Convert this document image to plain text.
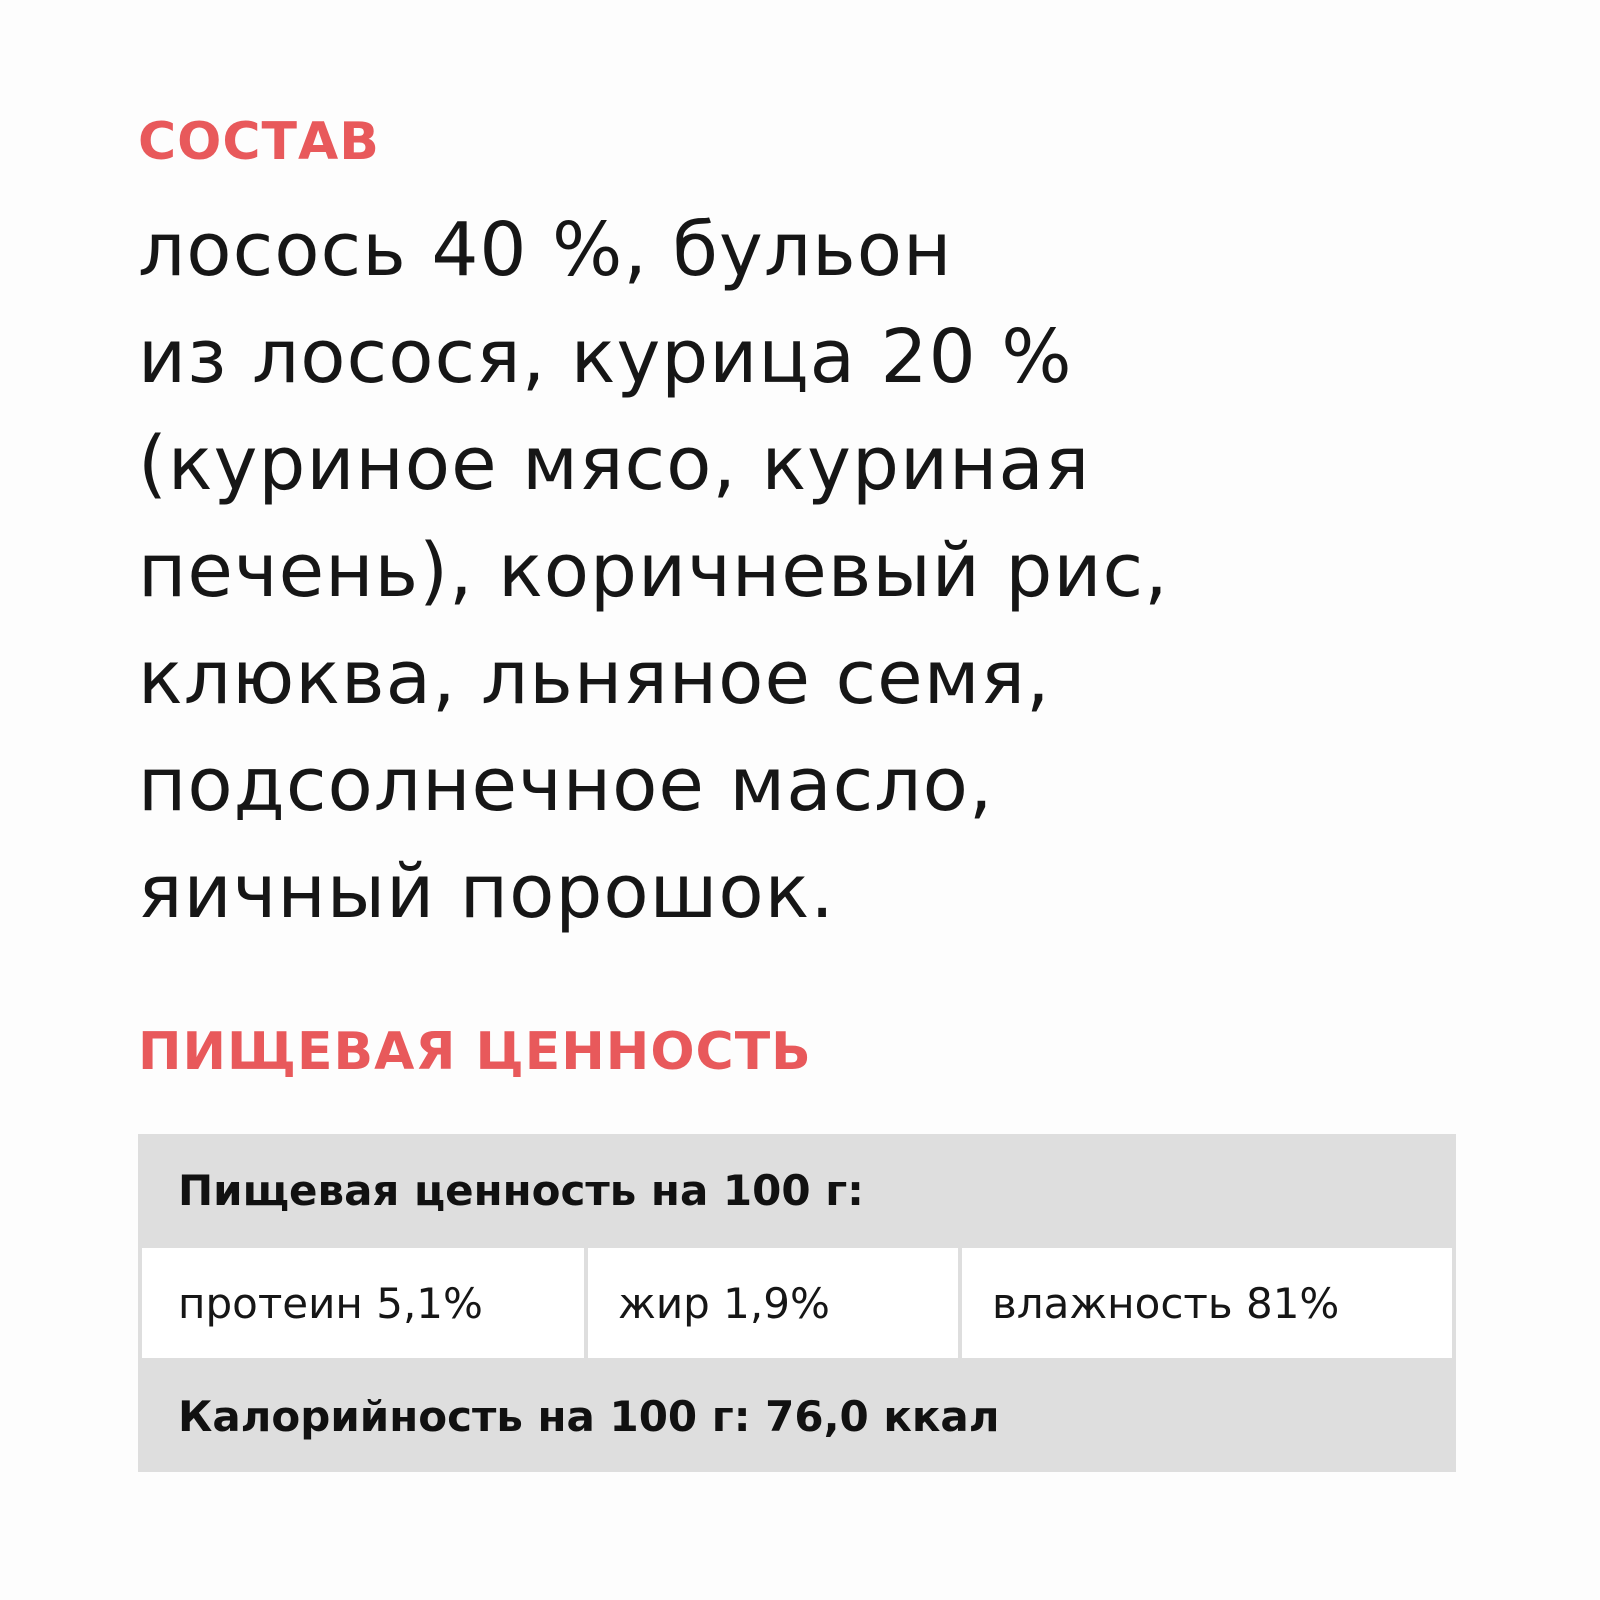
СОСТАВ

лосось 40 %, бульон
из лосося, курица 20 %
(куриное мясо, куриная
печень), коричневый рис,
клюква, льняное семя,
подсолнечное масло,
яичный порошок.

ПИЩЕВАЯ ЦЕННОСТЬ
Пищевая ценность на 100 г:
протеин 5,1%	жир 1,9%	влажность 81%
Калорийность на 100 г: 76,0 ккал
